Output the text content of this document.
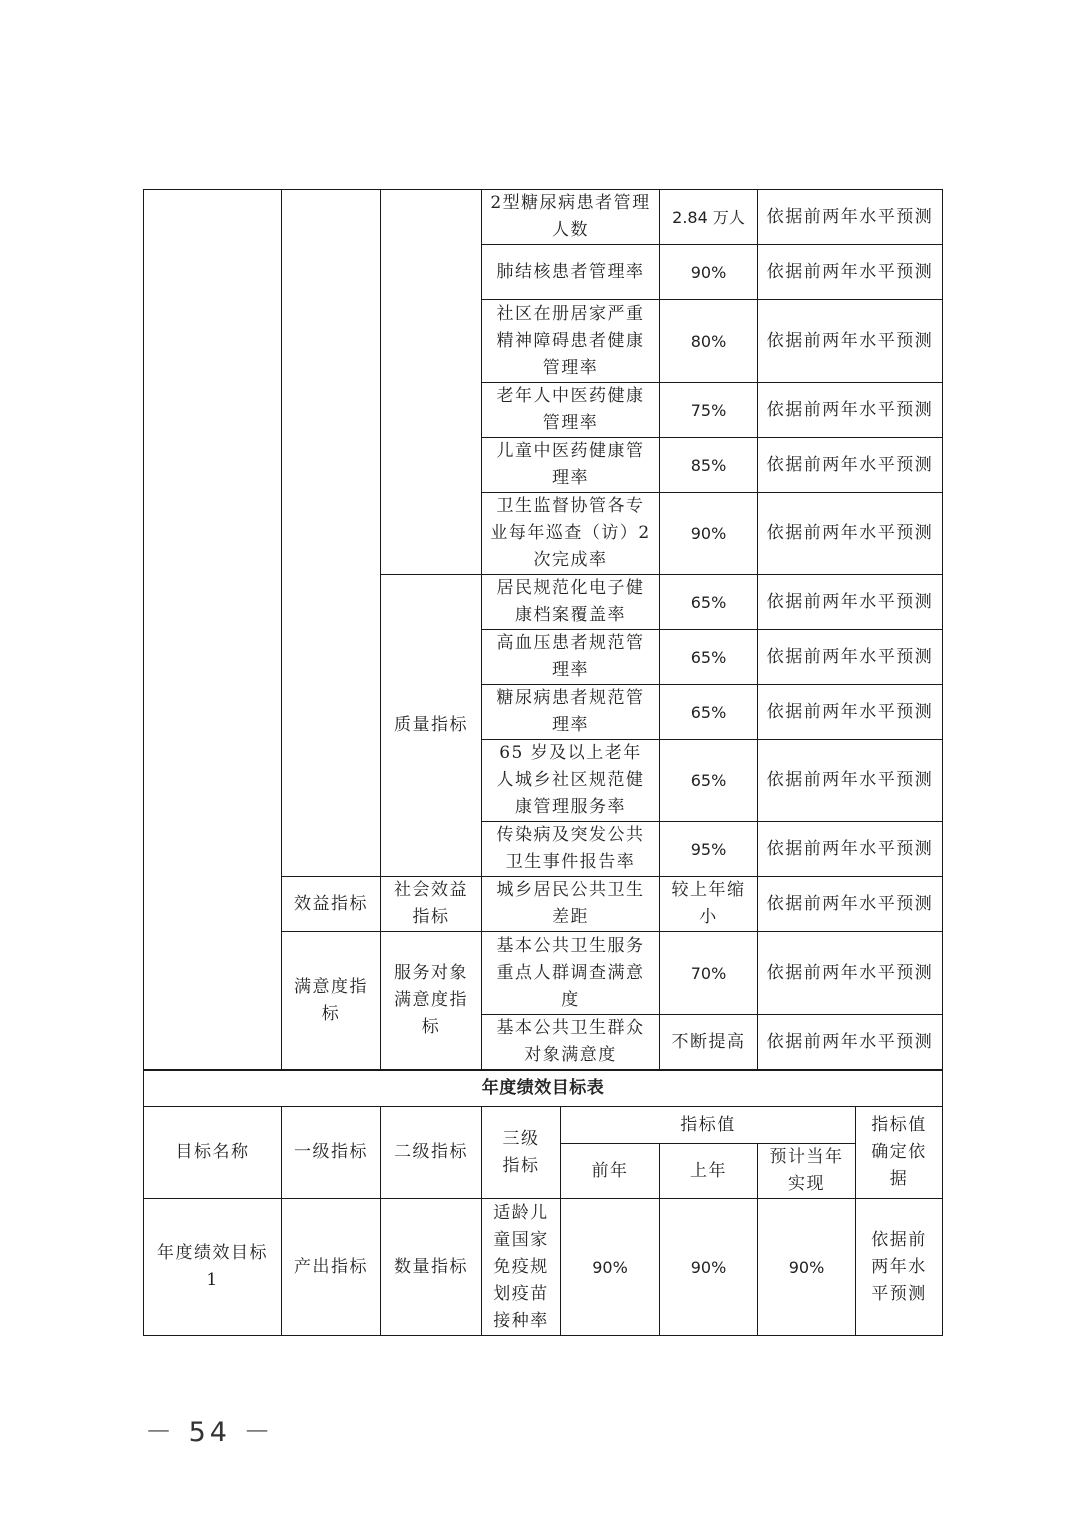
			2型糖尿病患者管理人数	2.84 万人	依据前两年水平预测
			肺结核患者管理率	90%	依据前两年水平预测
			社区在册居家严重精神障碍患者健康管理率	80%	依据前两年水平预测
			老年人中医药健康管理率	75%	依据前两年水平预测
			儿童中医药健康管理率	85%	依据前两年水平预测
			卫生监督协管各专业每年巡查（访）2次完成率	90%	依据前两年水平预测
		质量指标	居民规范化电子健康档案覆盖率	65%	依据前两年水平预测
			高血压患者规范管理率	65%	依据前两年水平预测
			糖尿病患者规范管理率	65%	依据前两年水平预测
			65 岁及以上老年人城乡社区规范健康管理服务率	65%	依据前两年水平预测
			传染病及突发公共卫生事件报告率	95%	依据前两年水平预测
	效益指标	社会效益指标	城乡居民公共卫生差距	较上年缩小	依据前两年水平预测
	满意度指标	服务对象满意度指标	基本公共卫生服务重点人群调查满意度	70%	依据前两年水平预测
			基本公共卫生群众对象满意度	不断提高	依据前两年水平预测
年度绩效目标表							
目标名称	一级指标	二级指标	三级指标	指标值			指标值确定依据

				前年	上年	预计当年实现	
年度绩效目标1	产出指标	数量指标	适龄儿童国家免疫规划疫苗接种率	90%	90%	90%	依据前两年水平预测
－ 54 －
